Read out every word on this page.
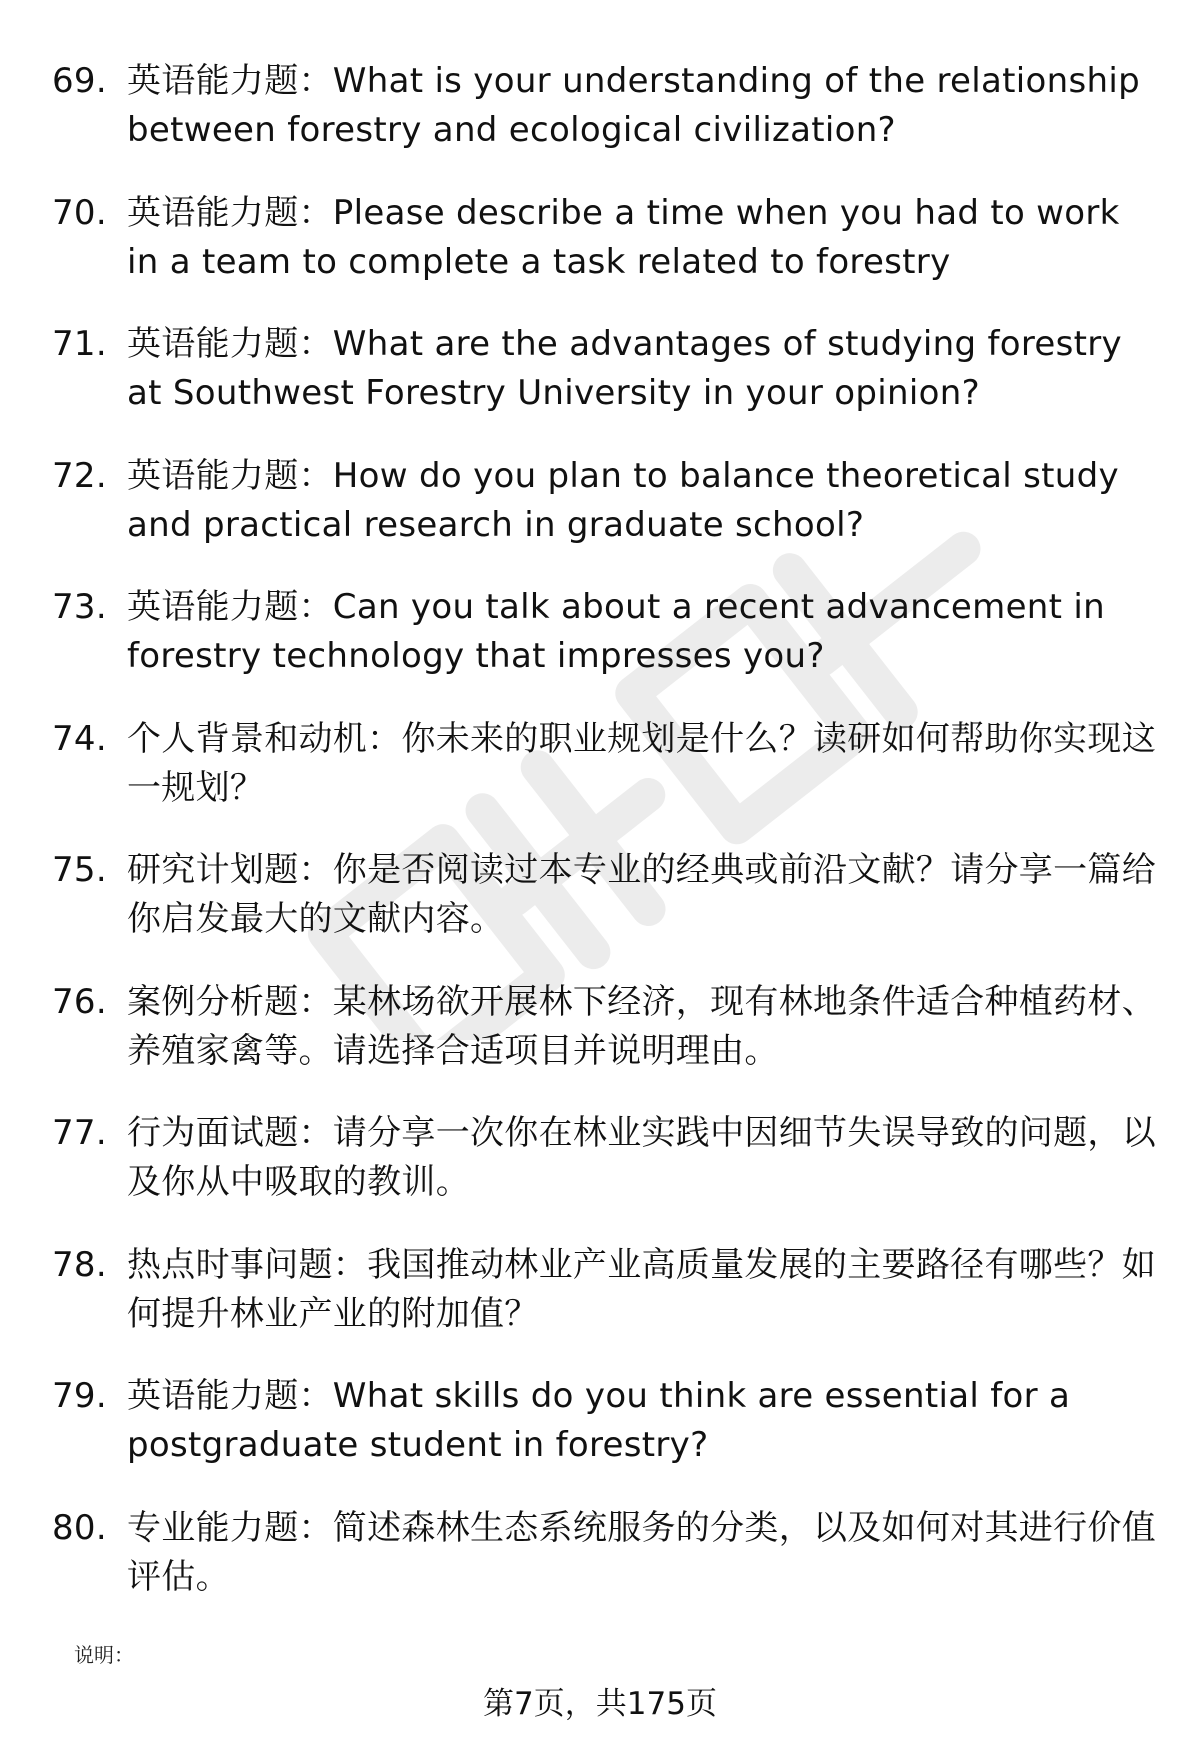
69. 英语能力题：What is your understanding of the relationship between forestry and ecological civilization?
70. 英语能力题：Please describe a time when you had to work in a team to complete a task related to forestry
71. 英语能力题：What are the advantages of studying forestry at Southwest Forestry University in your opinion?
72. 英语能力题：How do you plan to balance theoretical study and practical research in graduate school?
73. 英语能力题：Can you talk about a recent advancement in forestry technology that impresses you?
74. 个人背景和动机：你未来的职业规划是什么？读研如何帮助你实现这一规划？
75. 研究计划题：你是否阅读过本专业的经典或前沿文献？请分享一篇给你启发最大的文献内容。
76. 案例分析题：某林场欲开展林下经济，现有林地条件适合种植药材、养殖家禽等。请选择合适项目并说明理由。
77. 行为面试题：请分享一次你在林业实践中因细节失误导致的问题，以及你从中吸取的教训。
78. 热点时事问题：我国推动林业产业高质量发展的主要路径有哪些？如何提升林业产业的附加值？
79. 英语能力题：What skills do you think are essential for a postgraduate student in forestry?
80. 专业能力题：简述森林生态系统服务的分类，以及如何对其进行价值评估。
说明：
第7页，共175页
